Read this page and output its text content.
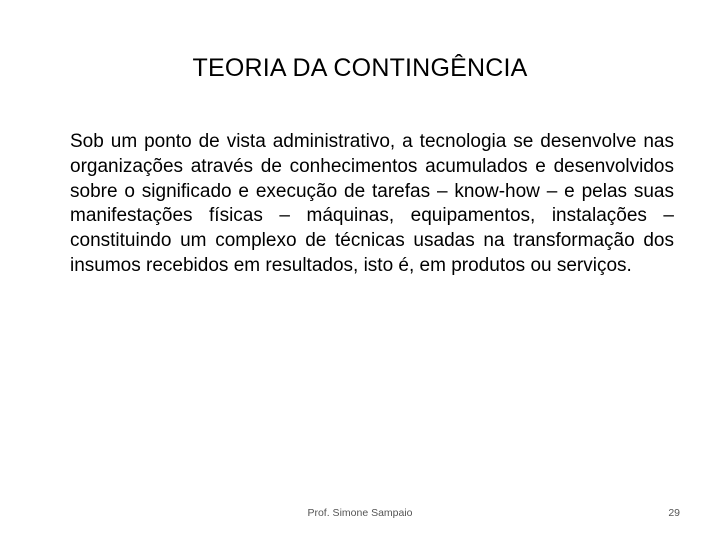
TEORIA DA CONTINGÊNCIA
Sob um ponto de vista administrativo, a tecnologia se desenvolve nas organizações através de conhecimentos acumulados e desenvolvidos sobre o significado e execução de tarefas – know-how – e pelas suas manifestações físicas – máquinas, equipamentos, instalações – constituindo um complexo de técnicas usadas na transformação dos insumos recebidos em resultados, isto é, em produtos ou serviços.
Prof. Simone Sampaio	29
